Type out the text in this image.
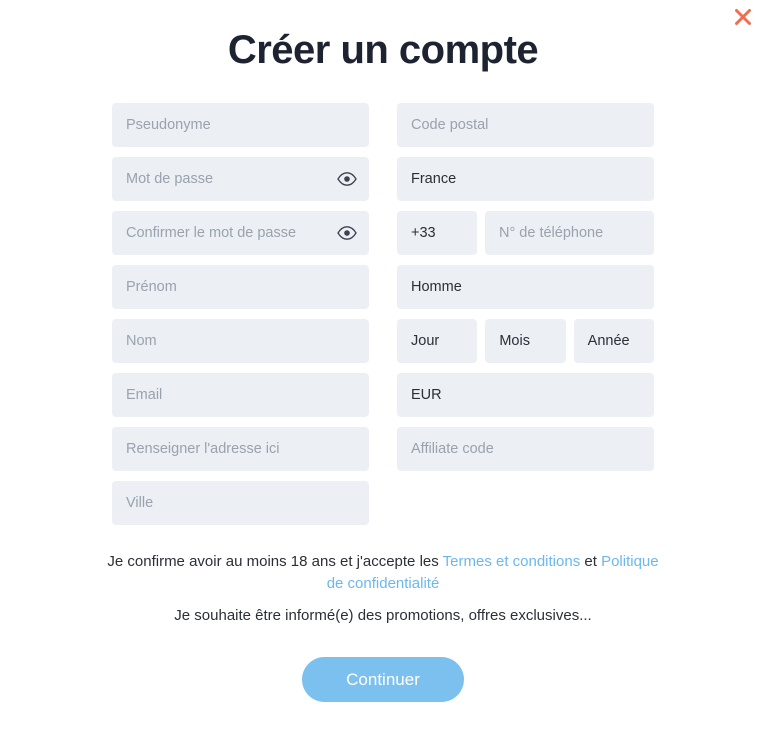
Créer un compte
Pseudonyme
Mot de passe
Confirmer le mot de passe
Prénom
Nom
Email
Renseigner l'adresse ici
Ville
Code postal
France
+33	N° de téléphone
Homme
Jour	Mois	Année
EUR
Affiliate code
Je confirme avoir au moins 18 ans et j'accepte les Termes et conditions et Politique de confidentialité
Je souhaite être informé(e) des promotions, offres exclusives...
Continuer
